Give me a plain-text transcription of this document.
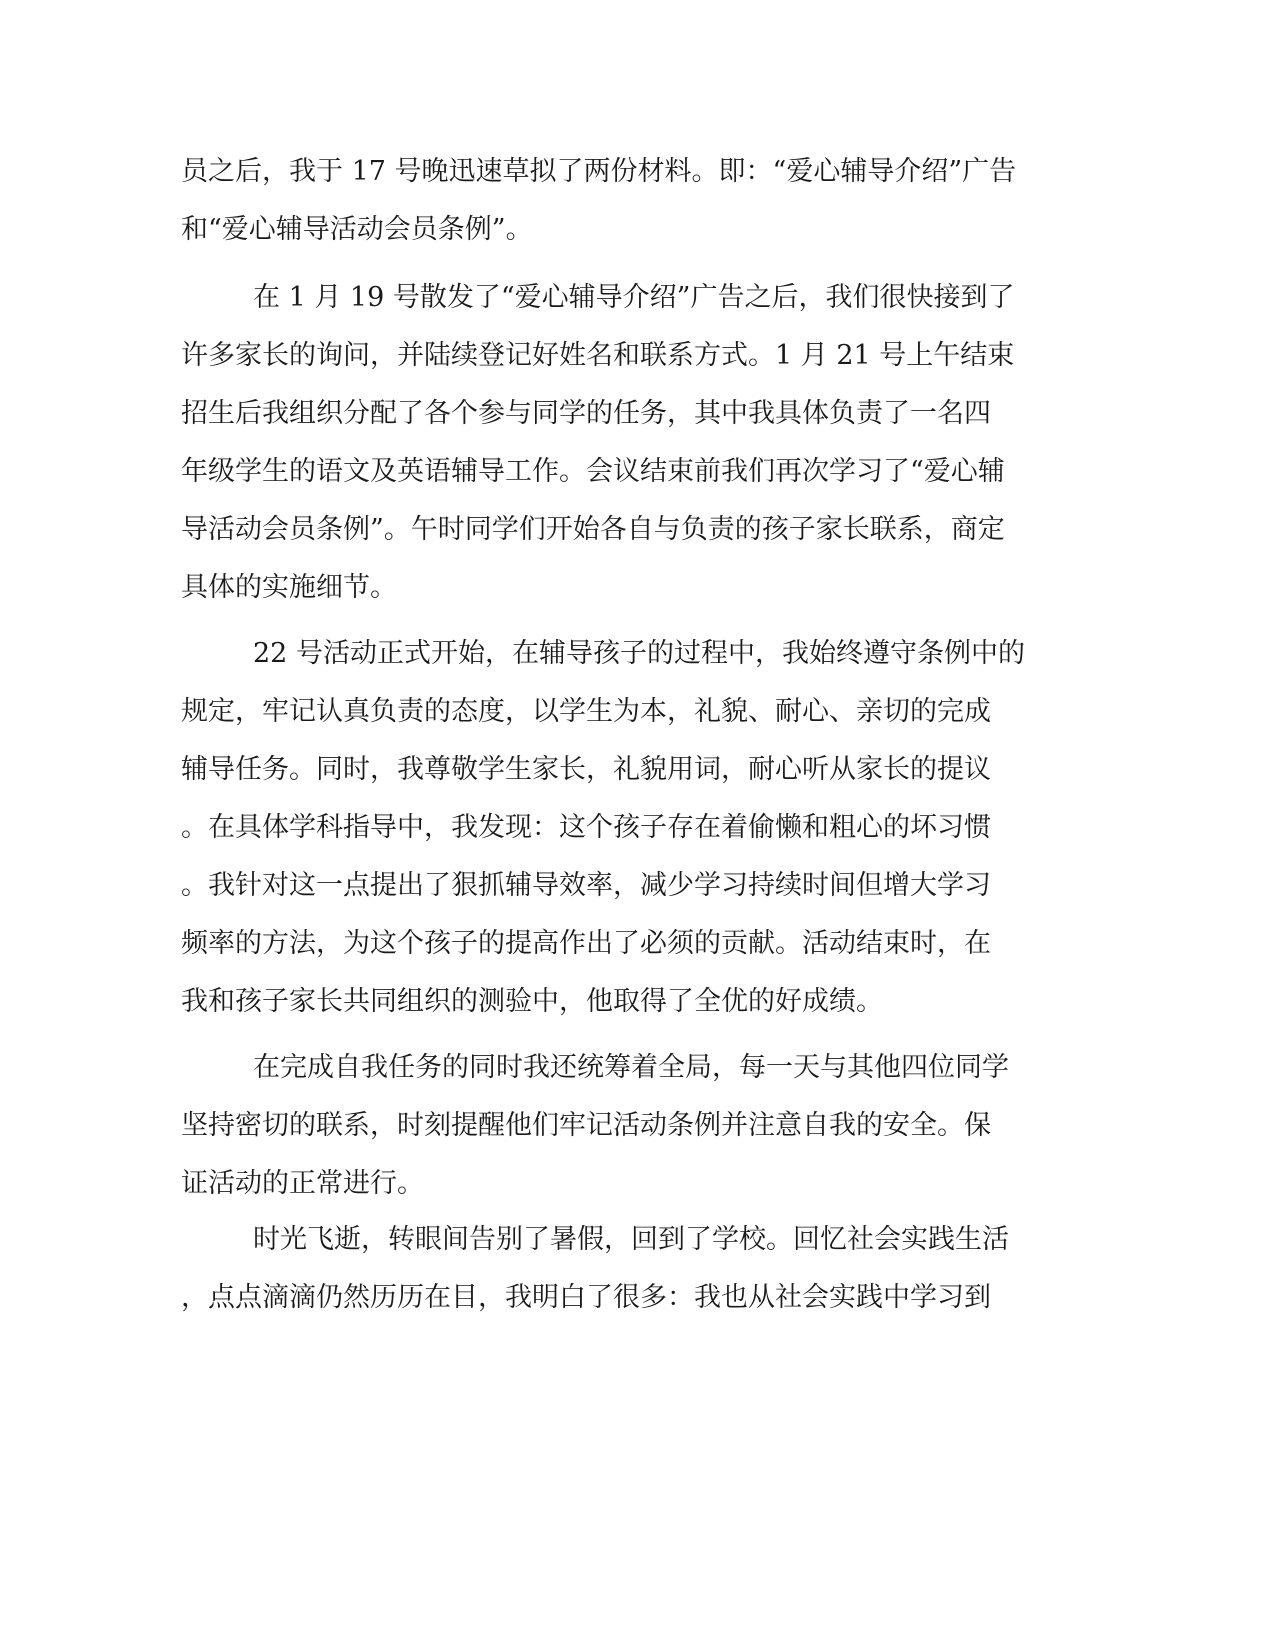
员之后，我于 17 号晚迅速草拟了两份材料。即：“爱心辅导介绍”广告
和“爱心辅导活动会员条例”。
在 1 月 19 号散发了“爱心辅导介绍”广告之后，我们很快接到了
许多家长的询问，并陆续登记好姓名和联系方式。1 月 21 号上午结束
招生后我组织分配了各个参与同学的任务，其中我具体负责了一名四
年级学生的语文及英语辅导工作。会议结束前我们再次学习了“爱心辅
导活动会员条例”。午时同学们开始各自与负责的孩子家长联系，商定
具体的实施细节。
22 号活动正式开始，在辅导孩子的过程中，我始终遵守条例中的
规定，牢记认真负责的态度，以学生为本，礼貌、耐心、亲切的完成
辅导任务。同时，我尊敬学生家长，礼貌用词，耐心听从家长的提议
。在具体学科指导中，我发现：这个孩子存在着偷懒和粗心的坏习惯
。我针对这一点提出了狠抓辅导效率，减少学习持续时间但增大学习
频率的方法，为这个孩子的提高作出了必须的贡献。活动结束时，在
我和孩子家长共同组织的测验中，他取得了全优的好成绩。
在完成自我任务的同时我还统筹着全局，每一天与其他四位同学
坚持密切的联系，时刻提醒他们牢记活动条例并注意自我的安全。保
证活动的正常进行。
时光飞逝，转眼间告别了暑假，回到了学校。回忆社会实践生活
，点点滴滴仍然历历在目，我明白了很多：我也从社会实践中学习到
